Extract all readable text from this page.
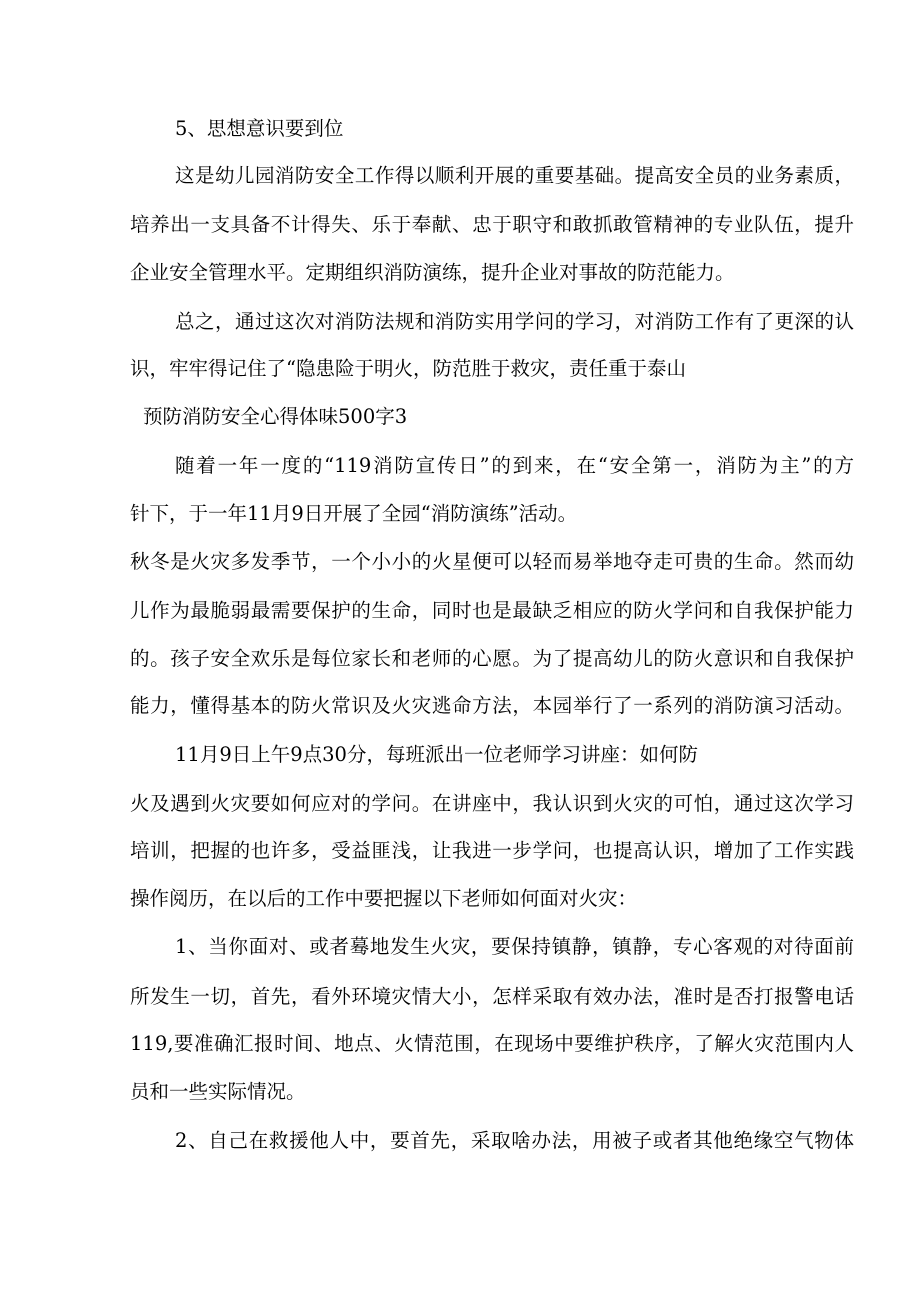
5、思想意识要到位

这是幼儿园消防安全工作得以顺利开展的重要基础。提高安全员的业务素质，

培养出一支具备不计得失、乐于奉献、忠于职守和敢抓敢管精神的专业队伍，提升

企业安全管理水平。定期组织消防演练，提升企业对事故的防范能力。

总之，通过这次对消防法规和消防实用学问的学习，对消防工作有了更深的认

识，牢牢得记住了“隐患险于明火，防范胜于救灾，责任重于泰山

预防消防安全心得体味500字3

随着一年一度的“119消防宣传日”的到来，在“安全第一，消防为主”的方

针下，于一年11月9日开展了全园“消防演练”活动。

秋冬是火灾多发季节，一个小小的火星便可以轻而易举地夺走可贵的生命。然而幼

儿作为最脆弱最需要保护的生命，同时也是最缺乏相应的防火学问和自我保护能力

的。孩子安全欢乐是每位家长和老师的心愿。为了提高幼儿的防火意识和自我保护

能力，懂得基本的防火常识及火灾逃命方法，本园举行了一系列的消防演习活动。

11月9日上午9点30分，每班派出一位老师学习讲座：如何防

火及遇到火灾要如何应对的学问。在讲座中，我认识到火灾的可怕，通过这次学习

培训，把握的也许多，受益匪浅，让我进一步学问，也提高认识，增加了工作实践

操作阅历，在以后的工作中要把握以下老师如何面对火灾：

1、当你面对、或者蓦地发生火灾，要保持镇静，镇静，专心客观的对待面前

所发生一切，首先，看外环境灾情大小，怎样采取有效办法，准时是否打报警电话

119,要准确汇报时间、地点、火情范围，在现场中要维护秩序，了解火灾范围内人

员和一些实际情况。

2、自己在救援他人中，要首先，采取啥办法，用被子或者其他绝缘空气物体
